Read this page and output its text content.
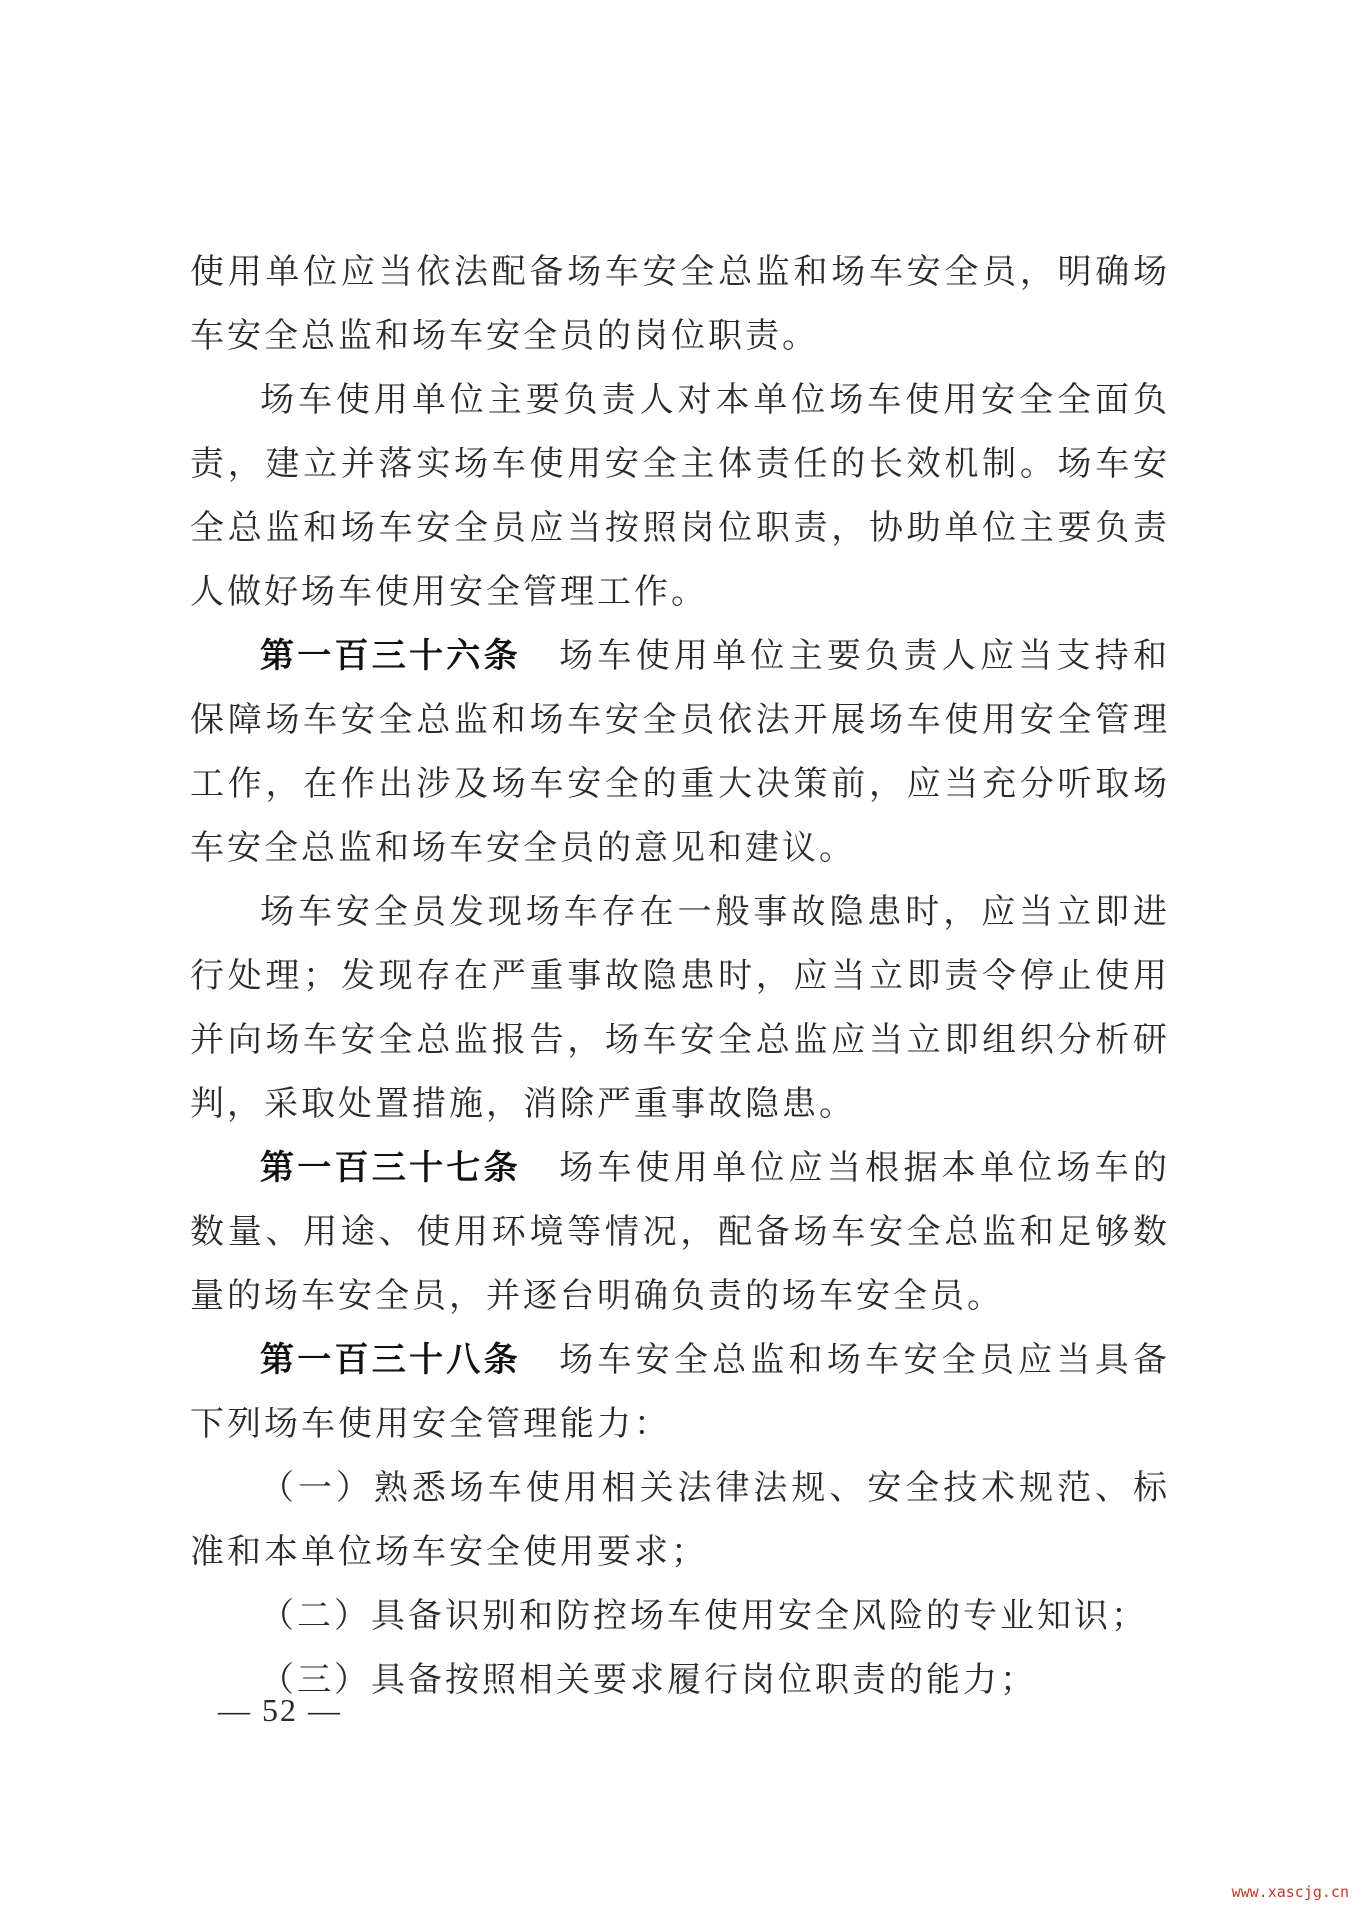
使用单位应当依法配备场车安全总监和场车安全员，明确场车安全总监和场车安全员的岗位职责。

场车使用单位主要负责人对本单位场车使用安全全面负责，建立并落实场车使用安全主体责任的长效机制。场车安全总监和场车安全员应当按照岗位职责，协助单位主要负责人做好场车使用安全管理工作。

第一百三十六条 场车使用单位主要负责人应当支持和保障场车安全总监和场车安全员依法开展场车使用安全管理工作，在作出涉及场车安全的重大决策前，应当充分听取场车安全总监和场车安全员的意见和建议。

场车安全员发现场车存在一般事故隐患时，应当立即进行处理；发现存在严重事故隐患时，应当立即责令停止使用并向场车安全总监报告，场车安全总监应当立即组织分析研判，采取处置措施，消除严重事故隐患。

第一百三十七条 场车使用单位应当根据本单位场车的数量、用途、使用环境等情况，配备场车安全总监和足够数量的场车安全员，并逐台明确负责的场车安全员。

第一百三十八条 场车安全总监和场车安全员应当具备下列场车使用安全管理能力：

（一）熟悉场车使用相关法律法规、安全技术规范、标准和本单位场车安全使用要求；

（二）具备识别和防控场车使用安全风险的专业知识；

（三）具备按照相关要求履行岗位职责的能力；

— 52 —
www.xascjg.cn
